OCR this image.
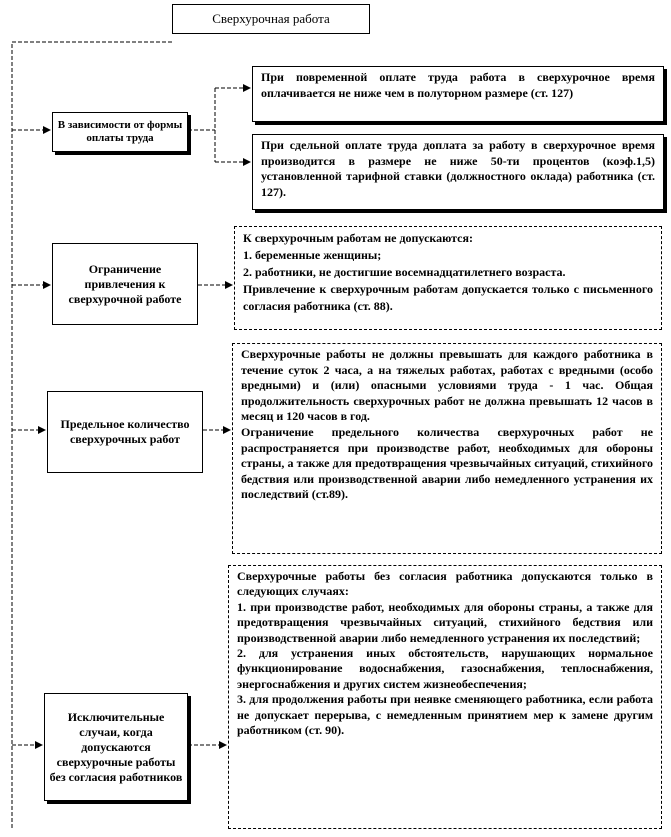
Сверхурочная работа
В зависимости от формы оплаты труда

При повременной оплате труда работа в сверхурочное время оплачивается не ниже чем в полуторном размере (ст. 127)

При сдельной оплате труда доплата за работу в сверхурочное время производится в размере не ниже 50-ти процентов (коэф.1,5) установленной тарифной ставки (должностного оклада) работника (ст. 127).

Ограничение привлечения к сверхурочной работе

К сверхурочным работам не допускаются:

1. беременные женщины;

2. работники, не достигшие восемнадцатилетнего возраста.

Привлечение к сверхурочным работам допускается только с письменного согласия работника (ст. 88).

Предельное количество сверхурочных работ

Сверхурочные работы не должны превышать для каждого работника в течение суток 2 часа, а на тяжелых работах, работах с вредными (особо вредными) и (или) опасными условиями труда - 1 час. Общая продолжительность сверхурочных работ не должна превышать 12 часов в месяц и 120 часов в год.

Ограничение предельного количества сверхурочных работ не распространяется при производстве работ, необходимых для обороны страны, а также для предотвращения чрезвычайных ситуаций, стихийного бедствия или производственной аварии либо немедленного устранения их последствий (ст.89).

Исключительные случаи, когда допускаются сверхурочные работы без согласия работников

Сверхурочные работы без согласия работника допускаются только в следующих случаях:

1. при производстве работ, необходимых для обороны страны, а также для предотвращения чрезвычайных ситуаций, стихийного бедствия или производственной аварии либо немедленного устранения их последствий;

2. для устранения иных обстоятельств, нарушающих нормальное функционирование водоснабжения, газоснабжения, теплоснабжения, энергоснабжения и других систем жизнеобеспечения;

3. для продолжения работы при неявке сменяющего работника, если работа не допускает перерыва, с немедленным принятием мер к замене другим работником (ст. 90).
